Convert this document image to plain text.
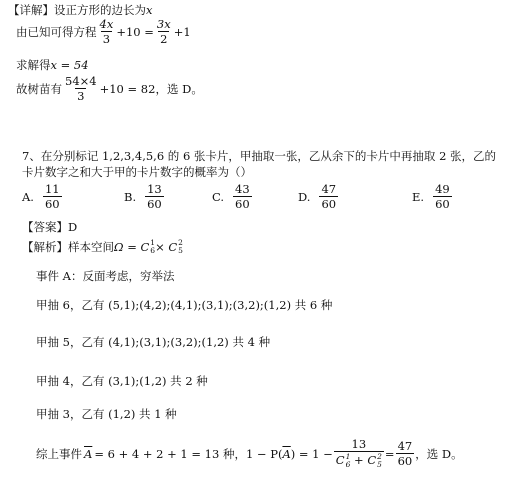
【详解】设正方形的边长为 x
由已知可得方程 $\frac{4x}{3} +10 = \frac{3x}{2} +1$
求解得 x = 54
故树苗有 $\frac{54\times 4}{3} +10 = 82$，选 D。
7、在分别标记 1,2,3,4,5,6 的 6 张卡片，甲抽取一张，乙从余下的卡片中再抽取 2 张，乙的
卡片数字之和大于甲的卡片数字的概率为（）
A. $\frac{11}{60}$	B. $\frac{13}{60}$	C. $\frac{43}{60}$	D. $\frac{47}{60}$	E. $\frac{49}{60}$
【答案】D
【解析】样本空间 Ω = C 1
6 × C 2
5
事件 A：反面考虑，穷举法
甲抽 6，乙有 (5,1);(4,2);(4,1);(3,1);(3,2);(1,2) 共 6 种
甲抽 5，乙有 (4,1);(3,1);(3,2);(1,2) 共 4 种
甲抽 4，乙有 (3,1);(1,2) 共 2 种
甲抽 3，乙有 (1,2) 共 1 种
综上事件 $\overline{A} = 6 + 4 + 2 + 1 = 13$ 种，1 − P( $\overline{A}$ ) = 1 − 13
C 1
6 + C 2
$5 = \frac{47}{60}$ ，选 D。
